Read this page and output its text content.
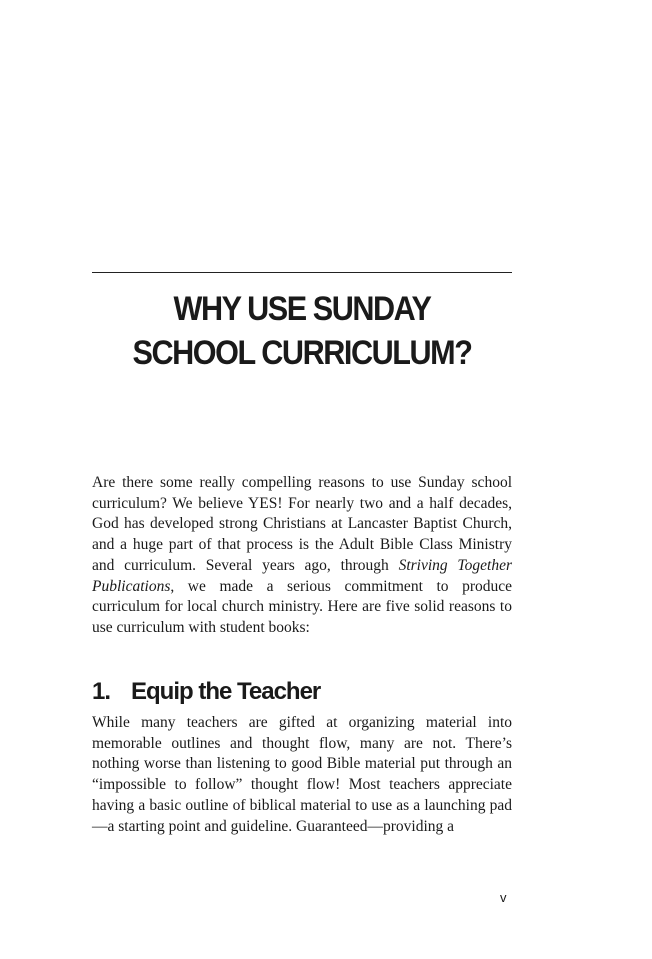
WHY USE SUNDAY
SCHOOL CURRICULUM?

Are there some really compelling reasons to use Sunday school curriculum? We believe YES! For nearly two and a half decades, God has developed strong Christians at Lancaster Baptist Church, and a huge part of that process is the Adult Bible Class Ministry and curriculum. Several years ago, through Striving Together Publications, we made a serious commitment to produce curriculum for local church ministry. Here are five solid reasons to use curriculum with student books:

1. Equip the Teacher

While many teachers are gifted at organizing material into memorable outlines and thought flow, many are not. There’s nothing worse than listening to good Bible material put through an “impossible to follow” thought flow! Most teachers appreciate having a basic outline of biblical material to use as a launching pad—a starting point and guideline. Guaranteed—providing a

v
